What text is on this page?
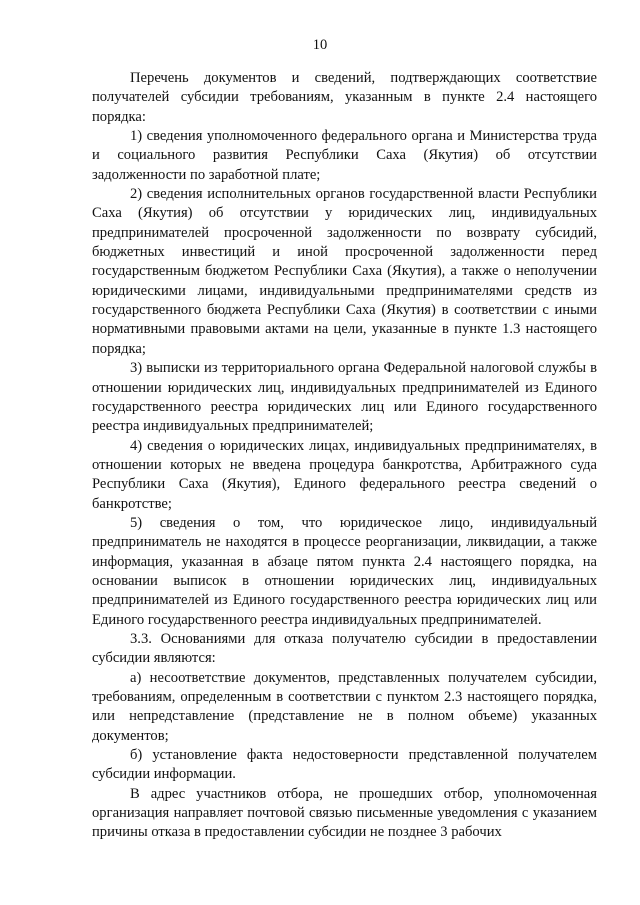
10

Перечень документов и сведений, подтверждающих соответствие получателей субсидии требованиям, указанным в пункте 2.4 настоящего порядка:

1) сведения уполномоченного федерального органа и Министерства труда и социального развития Республики Саха (Якутия) об отсутствии задолженности по заработной плате;

2) сведения исполнительных органов государственной власти Республики Саха (Якутия) об отсутствии у юридических лиц, индивидуальных предпринимателей просроченной задолженности по возврату субсидий, бюджетных инвестиций и иной просроченной задолженности перед государственным бюджетом Республики Саха (Якутия), а также о неполучении юридическими лицами, индивидуальными предпринимателями средств из государственного бюджета Республики Саха (Якутия) в соответствии с иными нормативными правовыми актами на цели, указанные в пункте 1.3 настоящего порядка;

3) выписки из территориального органа Федеральной налоговой службы в отношении юридических лиц, индивидуальных предпринимателей из Единого государственного реестра юридических лиц или Единого государственного реестра индивидуальных предпринимателей;

4) сведения о юридических лицах, индивидуальных предпринимателях, в отношении которых не введена процедура банкротства, Арбитражного суда Республики Саха (Якутия), Единого федерального реестра сведений о банкротстве;

5) сведения о том, что юридическое лицо, индивидуальный предприниматель не находятся в процессе реорганизации, ликвидации, а также информация, указанная в абзаце пятом пункта 2.4 настоящего порядка, на основании выписок в отношении юридических лиц, индивидуальных предпринимателей из Единого государственного реестра юридических лиц или Единого государственного реестра индивидуальных предпринимателей.

3.3. Основаниями для отказа получателю субсидии в предоставлении субсидии являются:

а) несоответствие документов, представленных получателем субсидии, требованиям, определенным в соответствии с пунктом 2.3 настоящего порядка, или непредставление (представление не в полном объеме) указанных документов;

б) установление факта недостоверности представленной получателем субсидии информации.

В адрес участников отбора, не прошедших отбор, уполномоченная организация направляет почтовой связью письменные уведомления с указанием причины отказа в предоставлении субсидии не позднее 3 рабочих
